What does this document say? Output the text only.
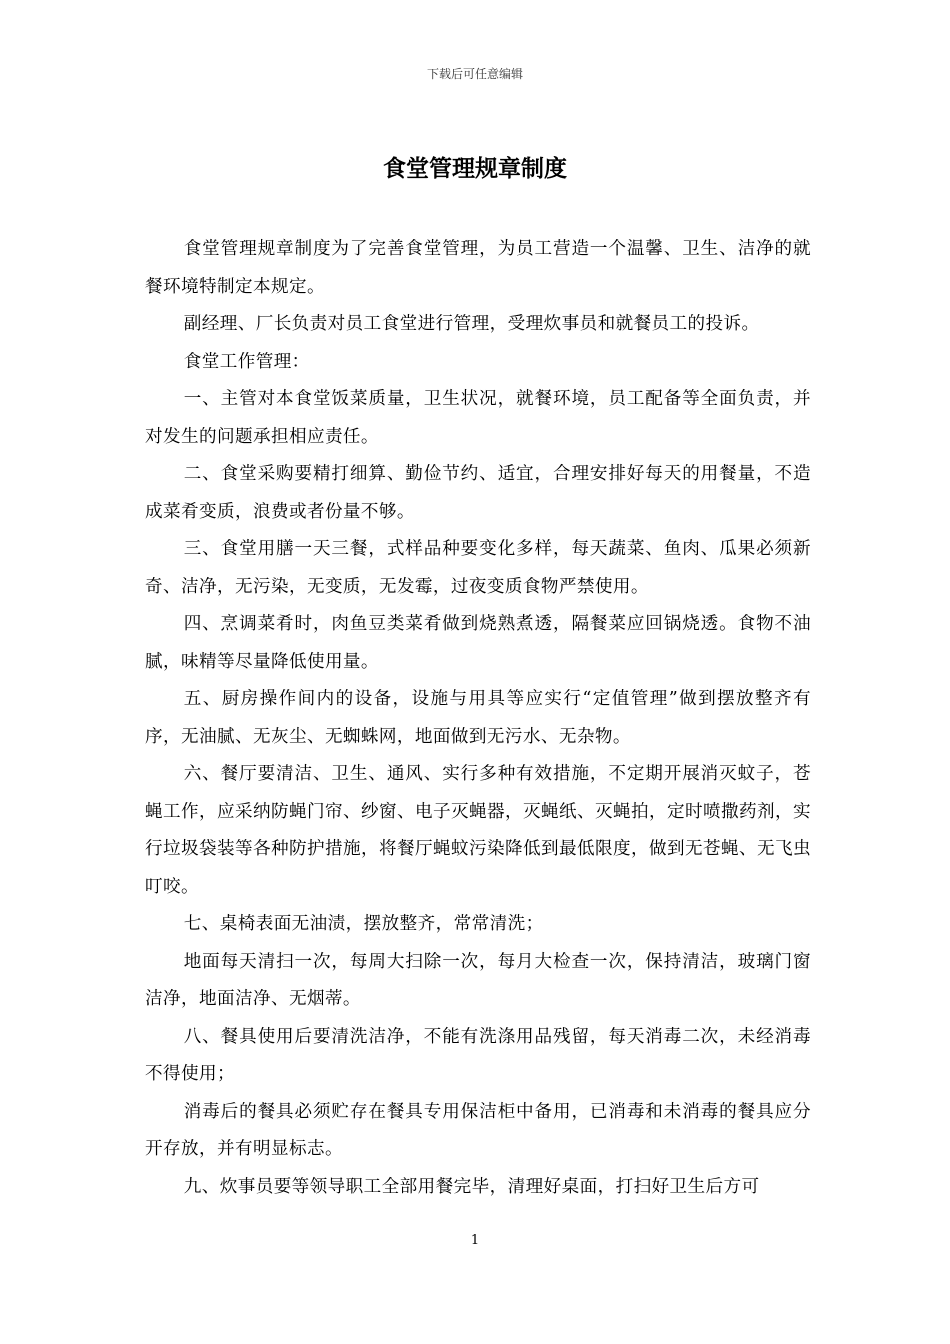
下载后可任意编辑
食堂管理规章制度

食堂管理规章制度为了完善食堂管理，为员工营造一个温馨、卫生、洁净的就餐环境特制定本规定。

副经理、厂长负责对员工食堂进行管理，受理炊事员和就餐员工的投诉。

食堂工作管理：

一、主管对本食堂饭菜质量，卫生状况，就餐环境，员工配备等全面负责，并对发生的问题承担相应责任。

二、食堂采购要精打细算、勤俭节约、适宜，合理安排好每天的用餐量，不造成菜肴变质，浪费或者份量不够。

三、食堂用膳一天三餐，式样品种要变化多样，每天蔬菜、鱼肉、瓜果必须新奇、洁净，无污染，无变质，无发霉，过夜变质食物严禁使用。

四、烹调菜肴时，肉鱼豆类菜肴做到烧熟煮透，隔餐菜应回锅烧透。食物不油腻，味精等尽量降低使用量。

五、厨房操作间内的设备，设施与用具等应实行“定值管理”做到摆放整齐有序，无油腻、无灰尘、无蜘蛛网，地面做到无污水、无杂物。

六、餐厅要清洁、卫生、通风、实行多种有效措施，不定期开展消灭蚊子，苍蝇工作，应采纳防蝇门帘、纱窗、电子灭蝇器，灭蝇纸、灭蝇拍，定时喷撒药剂，实行垃圾袋装等各种防护措施，将餐厅蝇蚊污染降低到最低限度，做到无苍蝇、无飞虫叮咬。

七、桌椅表面无油渍，摆放整齐，常常清洗；

地面每天清扫一次，每周大扫除一次，每月大检查一次，保持清洁，玻璃门窗洁净，地面洁净、无烟蒂。

八、餐具使用后要清洗洁净，不能有洗涤用品残留，每天消毒二次，未经消毒不得使用；

消毒后的餐具必须贮存在餐具专用保洁柜中备用，已消毒和未消毒的餐具应分开存放，并有明显标志。

九、炊事员要等领导职工全部用餐完毕，清理好桌面，打扫好卫生后方可

1
